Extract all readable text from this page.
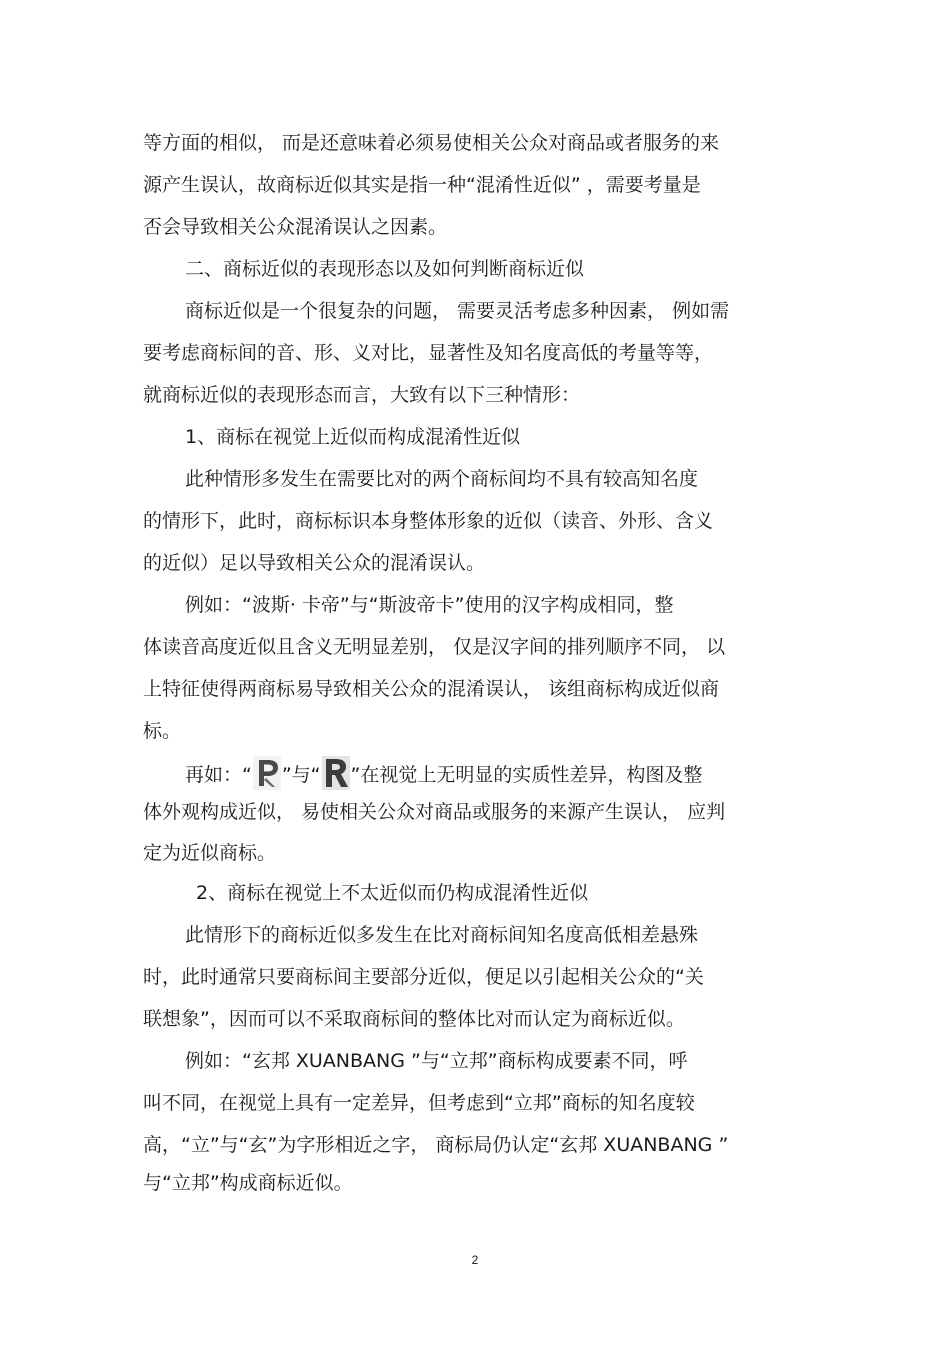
等方面的相似， 而是还意味着必须易使相关公众对商品或者服务的来
源产生误认，故商标近似其实是指一种“混淆性近似” ，需要考量是
否会导致相关公众混淆误认之因素。
二、商标近似的表现形态以及如何判断商标近似
商标近似是一个很复杂的问题， 需要灵活考虑多种因素， 例如需
要考虑商标间的音、形、义对比，显著性及知名度高低的考量等等，
就商标近似的表现形态而言，大致有以下三种情形：
1、商标在视觉上近似而构成混淆性近似
此种情形多发生在需要比对的两个商标间均不具有较高知名度
的情形下，此时，商标标识本身整体形象的近似（读音、外形、含义
的近似）足以导致相关公众的混淆误认。
例如：“波斯· 卡帝”与“斯波帝卡”使用的汉字构成相同，整
体读音高度近似且含义无明显差别， 仅是汉字间的排列顺序不同， 以
上特征使得两商标易导致相关公众的混淆误认， 该组商标构成近似商
标。
再如：“ ”与“ ”在视觉上无明显的实质性差异，构图及整
体外观构成近似， 易使相关公众对商品或服务的来源产生误认， 应判
定为近似商标。
2、商标在视觉上不太近似而仍构成混淆性近似
此情形下的商标近似多发生在比对商标间知名度高低相差悬殊
时，此时通常只要商标间主要部分近似，便足以引起相关公众的“关
联想象”，因而可以不采取商标间的整体比对而认定为商标近似。
例如：“玄邦 XUANBANG ”与“立邦”商标构成要素不同，呼
叫不同，在视觉上具有一定差异，但考虑到“立邦”商标的知名度较
高，“立”与“玄”为字形相近之字， 商标局仍认定“玄邦 XUANBANG ”
与“立邦”构成商标近似。
2
